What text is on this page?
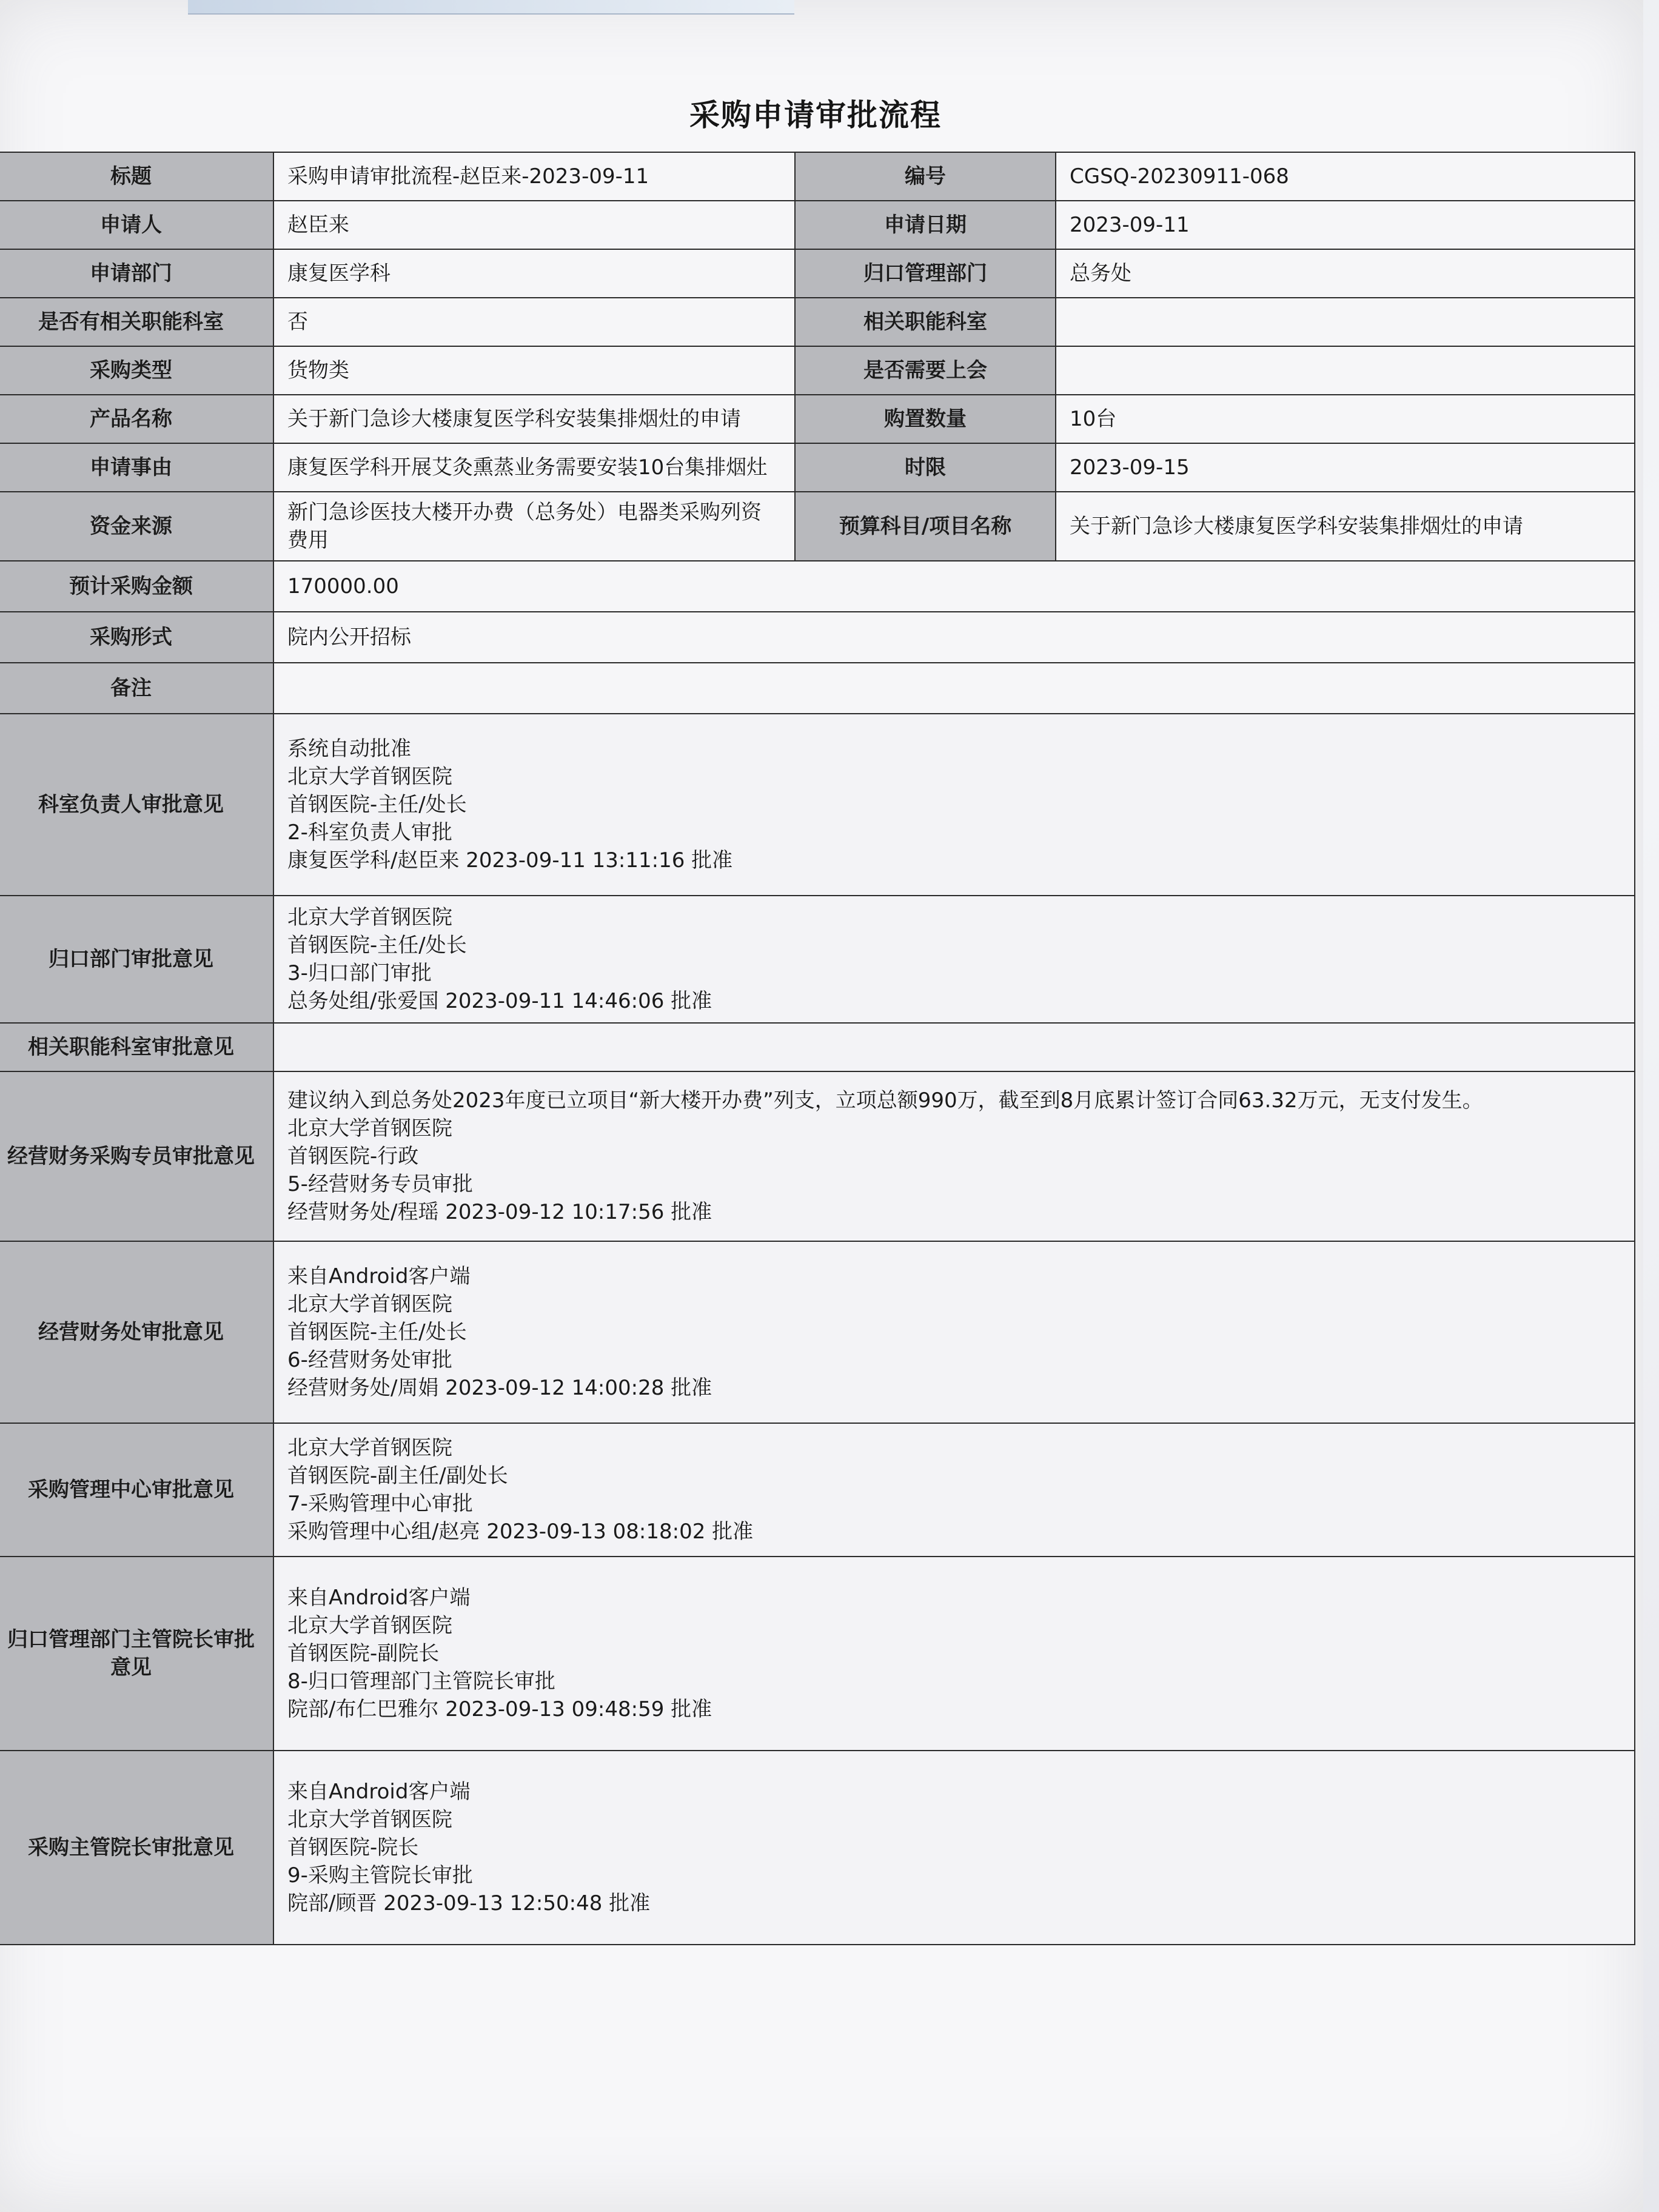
采购申请审批流程
标题	采购申请审批流程-赵臣来-2023-09-11	编号	CGSQ-20230911-068
申请人	赵臣来	申请日期	2023-09-11
申请部门	康复医学科	归口管理部门	总务处
是否有相关职能科室	否	相关职能科室	
采购类型	货物类	是否需要上会	
产品名称	关于新门急诊大楼康复医学科安装集排烟灶的申请	购置数量	10台
申请事由	康复医学科开展艾灸熏蒸业务需要安装10台集排烟灶	时限	2023-09-15
资金来源	新门急诊医技大楼开办费（总务处）电器类采购列资费用	预算科目/项目名称	关于新门急诊大楼康复医学科安装集排烟灶的申请
预计采购金额	170000.00		
采购形式	院内公开招标		
备注			
科室负责人审批意见	系统自动批准
北京大学首钢医院
首钢医院-主任/处长
2-科室负责人审批
康复医学科/赵臣来 2023-09-11 13:11:16 批准		

归口部门审批意见	北京大学首钢医院
首钢医院-主任/处长
3-归口部门审批
总务处组/张爱国 2023-09-11 14:46:06 批准		

相关职能科室审批意见			
经营财务采购专员审批意见	建议纳入到总务处2023年度已立项目“新大楼开办费”列支，立项总额990万，截至到8月底累计签订合同63.32万元，无支付发生。
北京大学首钢医院
首钢医院-行政
5-经营财务专员审批
经营财务处/程瑶 2023-09-12 10:17:56 批准		

经营财务处审批意见	来自Android客户端
北京大学首钢医院
首钢医院-主任/处长
6-经营财务处审批
经营财务处/周娟 2023-09-12 14:00:28 批准		

采购管理中心审批意见	北京大学首钢医院
首钢医院-副主任/副处长
7-采购管理中心审批
采购管理中心组/赵亮 2023-09-13 08:18:02 批准		

归口管理部门主管院长审批意见	来自Android客户端
北京大学首钢医院
首钢医院-副院长
8-归口管理部门主管院长审批
院部/布仁巴雅尔 2023-09-13 09:48:59 批准		

采购主管院长审批意见	来自Android客户端
北京大学首钢医院
首钢医院-院长
9-采购主管院长审批
院部/顾晋 2023-09-13 12:50:48 批准		
